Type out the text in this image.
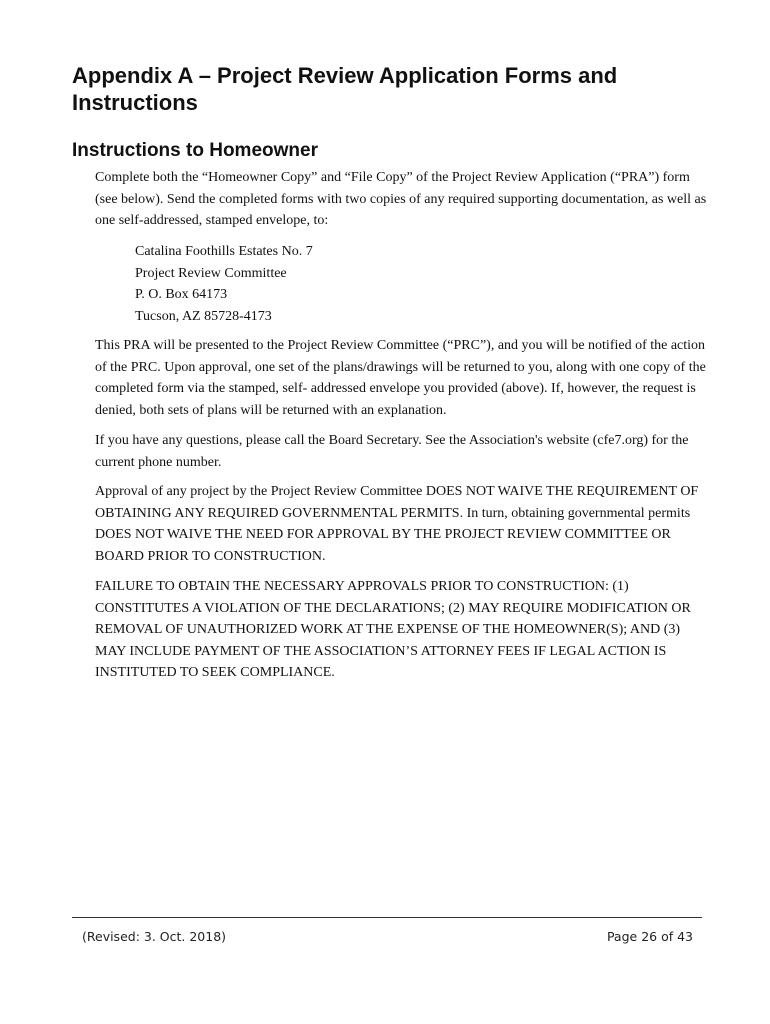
Appendix A – Project Review Application Forms and Instructions
Instructions to Homeowner

Complete both the “Homeowner Copy” and “File Copy” of the Project Review Application (“PRA”) form (see below). Send the completed forms with two copies of any required supporting documentation, as well as one self-addressed, stamped envelope, to:

Catalina Foothills Estates No. 7
Project Review Committee
P. O. Box 64173
Tucson, AZ 85728-4173

This PRA will be presented to the Project Review Committee (“PRC”), and you will be notified of the action of the PRC. Upon approval, one set of the plans/drawings will be returned to you, along with one copy of the completed form via the stamped, self- addressed envelope you provided (above). If, however, the request is denied, both sets of plans will be returned with an explanation.

If you have any questions, please call the Board Secretary. See the Association's website (cfe7.org) for the current phone number.

Approval of any project by the Project Review Committee DOES NOT WAIVE THE REQUIREMENT OF OBTAINING ANY REQUIRED GOVERNMENTAL PERMITS. In turn, obtaining governmental permits DOES NOT WAIVE THE NEED FOR APPROVAL BY THE PROJECT REVIEW COMMITTEE OR BOARD PRIOR TO CONSTRUCTION.

FAILURE TO OBTAIN THE NECESSARY APPROVALS PRIOR TO CONSTRUCTION: (1) CONSTITUTES A VIOLATION OF THE DECLARATIONS; (2) MAY REQUIRE MODIFICATION OR REMOVAL OF UNAUTHORIZED WORK AT THE EXPENSE OF THE HOMEOWNER(S); AND (3) MAY INCLUDE PAYMENT OF THE ASSOCIATION’S ATTORNEY FEES IF LEGAL ACTION IS INSTITUTED TO SEEK COMPLIANCE.

(Revised: 3. Oct. 2018)	Page 26 of 43
